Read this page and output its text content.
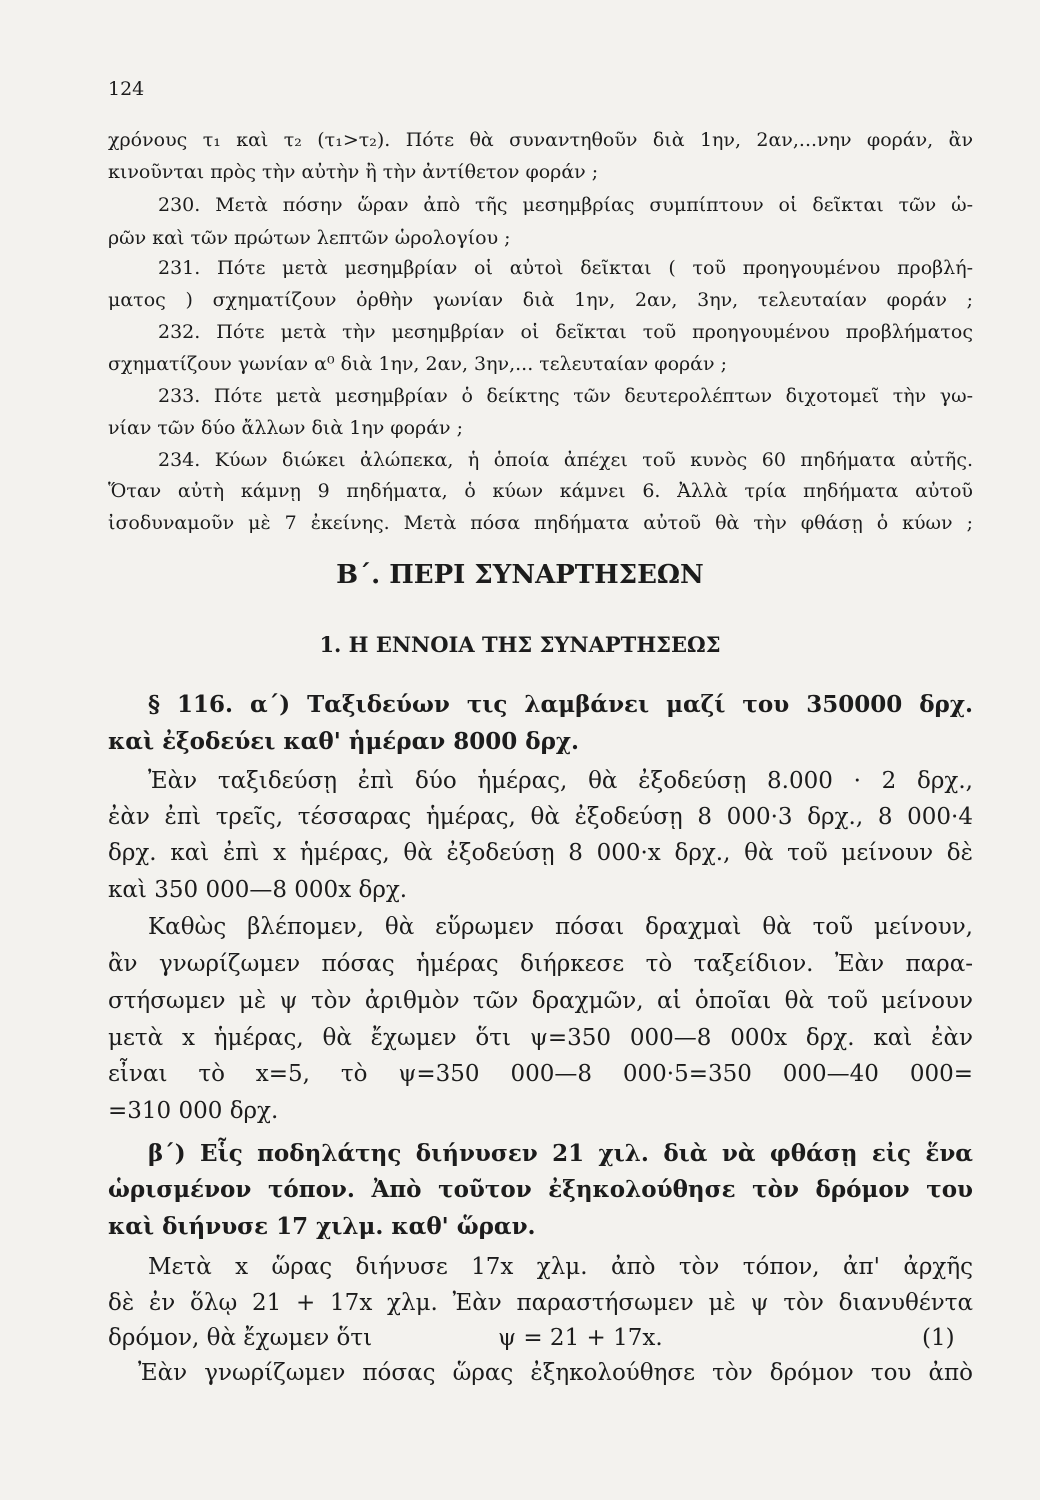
124
χρόνους τ₁ καὶ τ₂ (τ₁>τ₂). Πότε θὰ συναντηθοῦν διὰ 1ην, 2αν,...νην φοράν, ἂν
κινοῦνται πρὸς τὴν αὐτὴν ἢ τὴν ἀντίθετον φοράν ;
230. Μετὰ πόσην ὥραν ἀπὸ τῆς μεσημβρίας συμπίπτουν οἱ δεῖκται τῶν ὡ-
ρῶν καὶ τῶν πρώτων λεπτῶν ὡρολογίου ;
231. Πότε μετὰ μεσημβρίαν οἱ αὐτοὶ δεῖκται ( τοῦ προηγουμένου προβλή-
ματος ) σχηματίζουν ὀρθὴν γωνίαν διὰ 1ην, 2αν, 3ην, τελευταίαν φοράν ;
232. Πότε μετὰ τὴν μεσημβρίαν οἱ δεῖκται τοῦ προηγουμένου προβλήματος
σχηματίζουν γωνίαν α⁰ διὰ 1ην, 2αν, 3ην,... τελευταίαν φοράν ;
233. Πότε μετὰ μεσημβρίαν ὁ δείκτης τῶν δευτερολέπτων διχοτομεῖ τὴν γω-
νίαν τῶν δύο ἄλλων διὰ 1ην φοράν ;
234. Κύων διώκει ἀλώπεκα, ἡ ὁποία ἀπέχει τοῦ κυνὸς 60 πηδήματα αὐτῆς.
Ὅταν αὐτὴ κάμνῃ 9 πηδήματα, ὁ κύων κάμνει 6. Ἀλλὰ τρία πηδήματα αὐτοῦ
ἰσοδυναμοῦν μὲ 7 ἐκείνης. Μετὰ πόσα πηδήματα αὐτοῦ θὰ τὴν φθάσῃ ὁ κύων ;
Β΄. ΠΕΡΙ ΣΥΝΑΡΤΗΣΕΩΝ
1. Η ΕΝΝΟΙΑ ΤΗΣ ΣΥΝΑΡΤΗΣΕΩΣ
§ 116. α΄) Ταξιδεύων τις λαμβάνει μαζί του 350000 δρχ.
καὶ ἐξοδεύει καθ' ἡμέραν 8000 δρχ.
Ἐὰν ταξιδεύσῃ ἐπὶ δύο ἡμέρας, θὰ ἐξοδεύσῃ 8.000 · 2 δρχ.,
ἐὰν ἐπὶ τρεῖς, τέσσαρας ἡμέρας, θὰ ἐξοδεύσῃ 8 000·3 δρχ., 8 000·4
δρχ. καὶ ἐπὶ x ἡμέρας, θὰ ἐξοδεύσῃ 8 000·x δρχ., θὰ τοῦ μείνουν δὲ
καὶ 350 000—8 000x δρχ.
Καθὼς βλέπομεν, θὰ εὕρωμεν πόσαι δραχμαὶ θὰ τοῦ μείνουν,
ἂν γνωρίζωμεν πόσας ἡμέρας διήρκεσε τὸ ταξείδιον. Ἐὰν παρα-
στήσωμεν μὲ ψ τὸν ἀριθμὸν τῶν δραχμῶν, αἱ ὁποῖαι θὰ τοῦ μείνουν
μετὰ x ἡμέρας, θὰ ἔχωμεν ὅτι ψ=350 000—8 000x δρχ. καὶ ἐὰν
εἶναι τὸ x=5, τὸ ψ=350 000—8 000·5=350 000—40 000=
=310 000 δρχ.
β΄) Εἷς ποδηλάτης διήνυσεν 21 χιλ. διὰ νὰ φθάσῃ εἰς ἕνα
ὡρισμένον τόπον. Ἀπὸ τοῦτον ἐξηκολούθησε τὸν δρόμον του
καὶ διήνυσε 17 χιλμ. καθ' ὥραν.
Μετὰ x ὥρας διήνυσε 17x χλμ. ἀπὸ τὸν τόπον, ἀπ' ἀρχῆς
δὲ ἐν ὅλῳ 21 + 17x χλμ. Ἐὰν παραστήσωμεν μὲ ψ τὸν διανυθέντα
δρόμον, θὰ ἔχωμεν ὅτι	ψ = 21 + 17x.	(1)
Ἐὰν γνωρίζωμεν πόσας ὥρας ἐξηκολούθησε τὸν δρόμον του ἀπὸ
